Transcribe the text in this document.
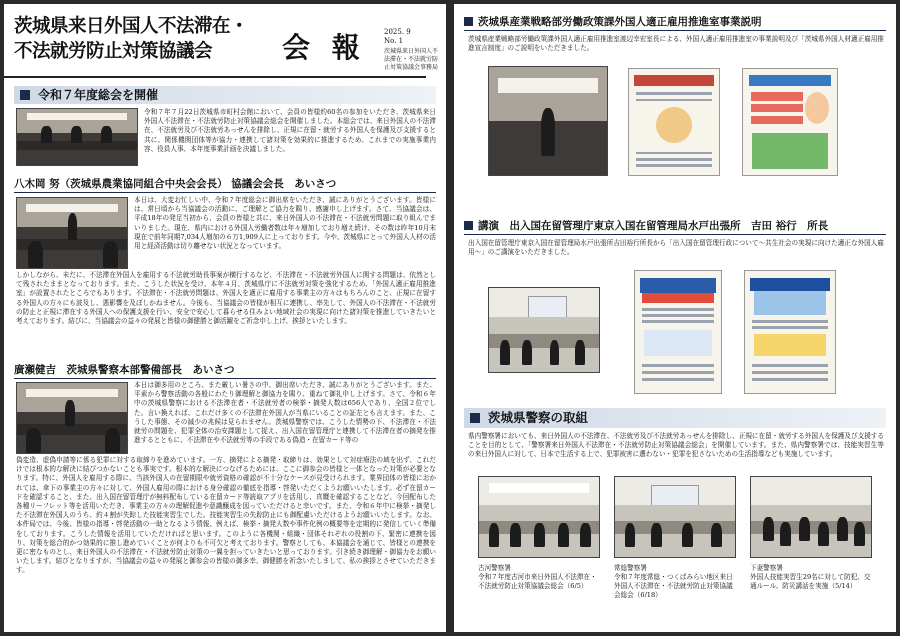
茨城県来日外国人不法滞在・
不法就労防止対策協議会	会 報	2025. 9
No. 1
茨城県来日外国人不法滞在・不法就労防止対策協議会事務局
令和７年度総会を開催
令和７年７月22日茨城県市町村会館において、会員の皆様約60名の参加をいただき、茨城県来日外国人不法滞在・不法就労防止対策協議会総会を開催しました。本総会では、来日外国人の不法滞在、不法就労及び不法就労あっせんを排除し、正規に在留・就労する外国人を保護及び支援すると共に、関係機関団体等が協力・連携して諸対策を効果的に推進するため、これまでの実施事業内容、役員人事、本年度事業計画を決議しました。
八木岡 努（茨城県農業協同組合中央会会長） 協議会会長　あいさつ
本日は、大変お忙しい中、令和７年度総会に御出席をいただき、誠にありがとうございます。皆様には、常日頃から当協議会の活動に、ご理解とご協力を賜り、感謝申し上げます。さて、当協議会は、平成18年の発足当初から、会員の皆様と共に、来日外国人の不法滞在・不法就労問題に取り組んでまいりました。現在、県内における外国人労働者数は年々増加しており増え続け、その数は昨年10月末現在で前年同期7,034人増加の６万1,909人に上っております。今や、茨城県にとって外国人人材の活用と経済活動は切り離せない状況となっています。
しかしながら、未だに、不法滞在外国人を雇用する不法就労助長事案が横行するなど、不法滞在・不法就労外国人に関する問題は、依然として残されたままとなっております。また、こうした状況を受け、本年４月、茨城県庁に不法就労対策を強化するため、「外国人適正雇用推進室」が設置されたところでもあります。不法滞在・不法就労問題は、外国人を適正に雇用する事業主の方々はもちろんのこと、正規に在留する外国人の方々にも波及し、悪影響を及ぼしかねません。今後も、当協議会の皆様が相互に連携し、率先して、外国人の不法滞在・不法就労の防止と正規に滞在する外国人への保護支援を行い、安全で安心して暮らせる住みよい地域社会の実現に向けた諸対策を推進していきたいと考えております。結びに、当協議会の益々の発展と皆様の御健勝と御活躍をご祈念申し上げ、挨拶といたします。
廣瀬健吉　茨城県警察本部警備部長　あいさつ
本日は御多用のところ、また厳しい暑さの中、御出席いただき、誠にありがとうございます。また、平素から警察活動の各般にわたり御理解と御協力を賜り、重ねて御礼申し上げます。さて、令和６年中の茨城県警察における不法滞在者・不法就労者の検挙・摘発人数は656人であり、全国２位でした。言い換えれば、これだけ多くの不法滞在外国人が当県にいることの証左とも言えます。また、こうした事態、その減少の兆候は見られません。茨城県警察では、こうした情勢の下、不法滞在・不法就労の問題を、犯罪全体の治安課題として捉え、出入国在留管理庁と連携して不法滞在者の摘発を推進するとともに、不法滞在や不法就労等の手段である偽造・在留カード等の
偽変造、虚偽申請等に係る犯罪に対する取締りを進めています。一方、摘発による摘発・取締りは、効果として対症療法の域を出ず、これだけでは根本的な解決に結びつかないことも事実です。根本的な解決につなげるためには、ここに御参会の皆様と一体となった対策が必要となります。特に、外国人を雇用する際に、当該外国人の在留期限や就労資格の確認が不十分なケースが見受けられます。業界団体の皆様におかれては、傘下の事業主の方々に対して、外国人雇用の際における身分確認の徹底を指導・啓発いただくようお願いいたします。必ず在留カードを確認すること、また、出入国在留管理庁が無料配布している在留カード等読取アプリを活用し、真贋を確認することなど、今回配布した各種リーフレット等を活用いただき、事業主の方々の理解促進や意識醸成を図っていただけると幸いです。また、令和６年中に検挙・摘発した不法滞在外国人のうち、約４割が失踪した技能実習生でした。技能実習生の失踪防止にも御配慮いただけるようお願いいたします。なお、本件局では、今後、皆様の指導・啓発活動の一助となるよう情報、例えば、検挙・摘発人数や事件化例の概要等を定期的に発信していく準備をしております。こうした情報を活用していただければと思います。このように各機関・組織・団体それぞれの役割の下、緊密に連携を図り、対策を総合的かつ効果的に推し進めていくことが何よりも不可欠と考えております。警察としても、本協議会を通じて、皆様との連携を更に密なものとし、来日外国人の不法滞在・不法就労防止対策の一翼を担っていきたいと思っております。引き続き御理解・御協力をお願いいたします。結びとなりますが、当協議会の益々の発展と御参会の皆様の御多幸、御健勝を祈念いたしまして、私の挨拶とさせていただきます。
茨城県産業戦略部労働政策課外国人適正雇用推進室事業説明
茨城県産業戦略部労働政策課外国人適正雇用推進室渡辺幸宏室長による、外国人適正雇用推進室の事業説明及び「茨城県外国人材適正雇用推進宣言制度」のご説明をいただきました。
講演　出入国在留管理庁東京入国在留管理局水戸出張所　吉田 裕行　所長
出入国在留管理庁東京入国在留管理局水戸出張所吉田裕行所長から「出入国在留管理行政について～共生社会の実現に向けた適正な外国人雇用～」のご講演をいただきました。
茨城県警察の取組
県内警察署においても、来日外国人の不法滞在、不法就労及び不法就労あっせんを排除し、正規に在留・就労する外国人を保護及び支援することを目的として、「警察署来日外国人不法滞在・不法就労防止対策協議会総会」を開催しています。また、県内警察署では、技能実習生等の来日外国人に対して、日本で生活する上で、犯罪被害に遭わない・犯罪を犯さないための生活指導なども実施しています。
古河警察署
令和７年度古河市来日外国人不法滞在・不法就労防止対策協議会総会（6/5）
常総警察署
令和７年度常総・つくばみらい地区来日外国人不法滞在・不法就労防止対策協議会総会（6/18）
下妻警察署
外国人技能実習生29名に対して防犯、交通ルール、防災講話を実施（5/14）
